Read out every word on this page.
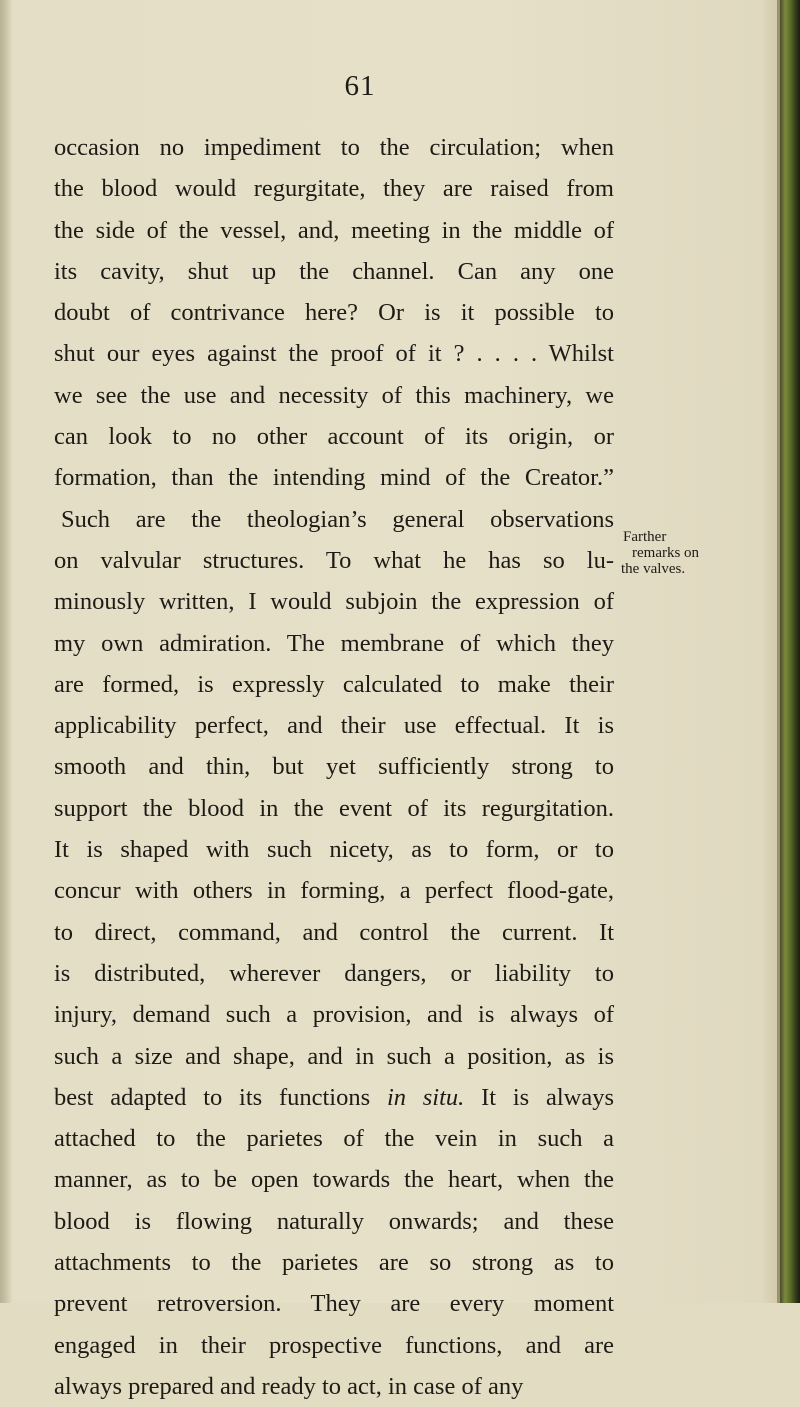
61
occasion no impediment to the circulation; when
the blood would regurgitate, they are raised from
the side of the vessel, and, meeting in the middle of
its cavity, shut up the channel. Can any one
doubt of contrivance here? Or is it possible to
shut our eyes against the proof of it ? . . . . Whilst
we see the use and necessity of this machinery, we
can look to no other account of its origin, or
formation, than the intending mind of the Creator.”
Such are the theologian’s general observations
on valvular structures. To what he has so lu-
minously written, I would subjoin the expression of
my own admiration. The membrane of which they
are formed, is expressly calculated to make their
applicability perfect, and their use effectual. It is
smooth and thin, but yet sufficiently strong to
support the blood in the event of its regurgitation.
It is shaped with such nicety, as to form, or to
concur with others in forming, a perfect flood-gate,
to direct, command, and control the current. It
is distributed, wherever dangers, or liability to
injury, demand such a provision, and is always of
such a size and shape, and in such a position, as is
best adapted to its functions in situ. It is always
attached to the parietes of the vein in such a
manner, as to be open towards the heart, when the
blood is flowing naturally onwards; and these
attachments to the parietes are so strong as to
prevent retroversion. They are every moment
engaged in their prospective functions, and are
always prepared and ready to act, in case of any
Farther
remarks on
the valves.
